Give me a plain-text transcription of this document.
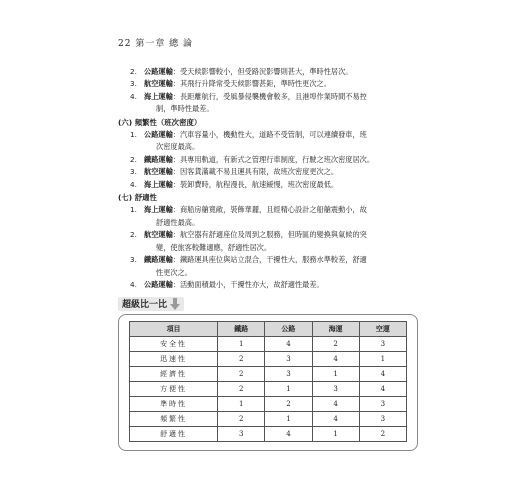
22 第一章 總 論
2. 公路運輸：受天候影響較小，但受路況影響則甚大，準時性居次。
3. 航空運輸：其飛行升降常受天候影響甚鉅，準時性更次之。
4. 海上運輸：長距離航行，受風暴侵襲機會較多，且港埠作業時間不易控
制，準時性最差。
(六) 頻繁性（班次密度）
1. 公路運輸：汽車容量小，機動性大，道路不受管制，可以連續發車，班
次密度最高。
2. 鐵路運輸：具專用軌道，有新式之管理行車制度，行駛之班次密度居次。
3. 航空運輸：因客貨滿載不易且運具有限，故班次密度更次之。
4. 海上運輸：裝卸費時，航程漫長，航速緩慢，班次密度最低。
(七) 舒適性
1. 海上運輸：商船房艙寬敞，裝飾華麗，且經精心設計之船艙震動小，故
舒適性最高。
2. 航空運輸：航空器有舒適座位及周到之服務，但時區的變換與氣候的突
變，使旅客較難適應，舒適性居次。
3. 鐵路運輸：鐵路運具座位與站立混合，干擾性大，服務水準較差，舒適
性更次之。
4. 公路運輸：活動面積最小，干擾性亦大，故舒適性最差。
超級比一比
項目	鐵路	公路	海運	空運
安全性	1	4	2	3
迅速性	2	3	4	1
經濟性	2	3	1	4
方便性	2	1	3	4
準時性	1	2	4	3
頻繁性	2	1	4	3
舒適性	3	4	1	2
